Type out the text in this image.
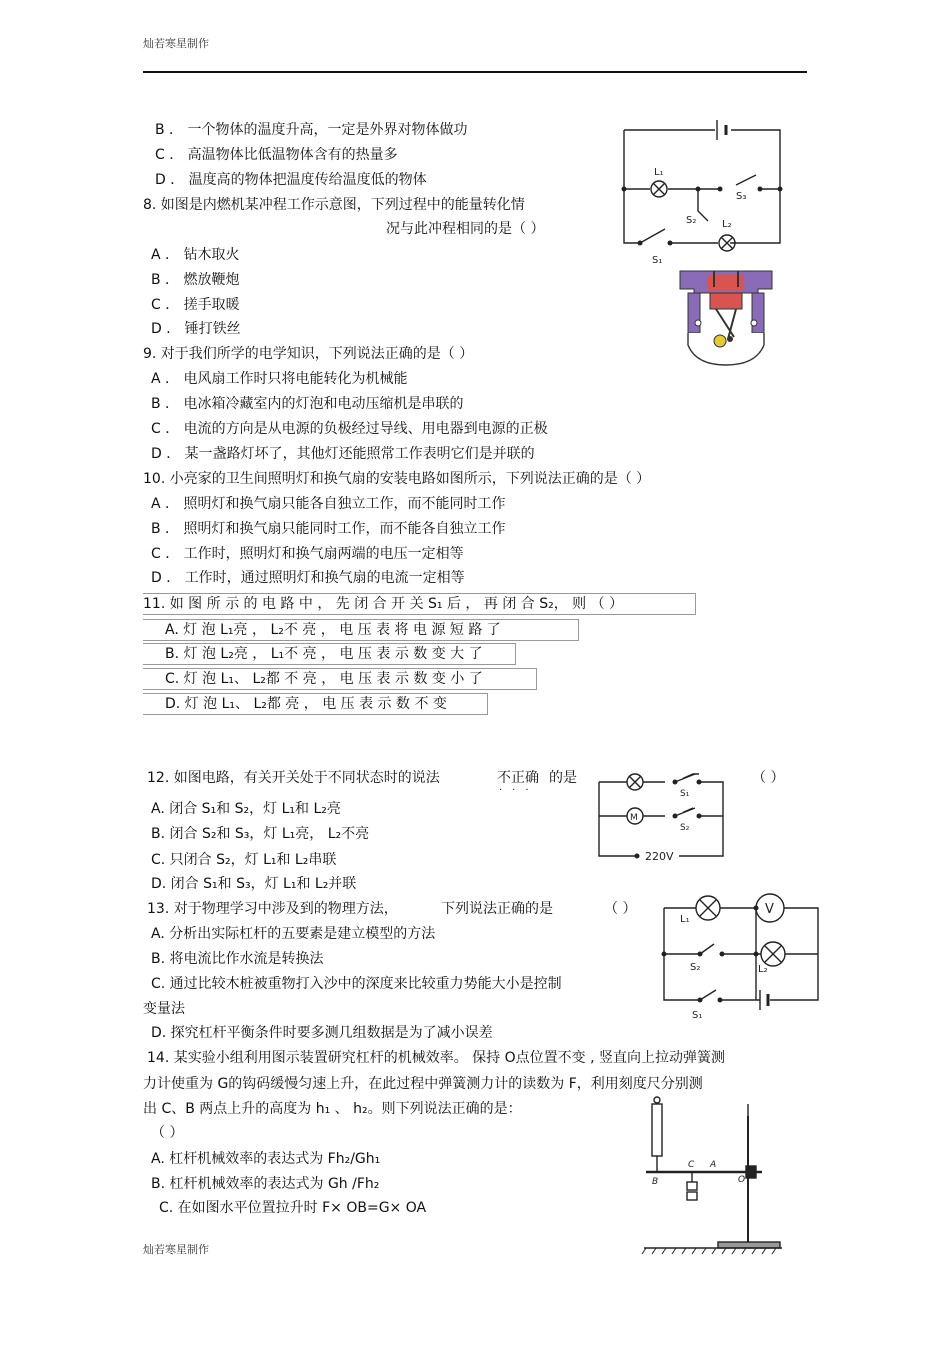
灿若寒星制作
B ． 一个物体的温度升高，一定是外界对物体做功
C ． 高温物体比低温物体含有的热量多
D ． 温度高的物体把温度传给温度低的物体
8. 如图是内燃机某冲程工作示意图，下列过程中的能量转化情
况与此冲程相同的是（ ）
A ． 钻木取火
B ． 燃放鞭炮
C ． 搓手取暖
D ． 锤打铁丝
9. 对于我们所学的电学知识，下列说法正确的是（ ）
A ． 电风扇工作时只将电能转化为机械能
B ． 电冰箱冷藏室内的灯泡和电动压缩机是串联的
C ． 电流的方向是从电源的负极经过导线、用电器到电源的正极
D ． 某一盏路灯坏了，其他灯还能照常工作表明它们是并联的
10. 小亮家的卫生间照明灯和换气扇的安装电路如图所示，下列说法正确的是（ ）
A ． 照明灯和换气扇只能各自独立工作，而不能同时工作
B ． 照明灯和换气扇只能同时工作，而不能各自独立工作
C ． 工作时，照明灯和换气扇两端的电压一定相等
D ． 工作时，通过照明灯和换气扇的电流一定相等
11. 如 图 所 示 的 电 路 中 ， 先 闭 合 开 关 S₁ 后 ， 再 闭 合 S₂， 则 （ ）
A. 灯 泡 L₁亮 ， L₂不 亮 ， 电 压 表 将 电 源 短 路 了
B. 灯 泡 L₂亮 ， L₁不 亮 ， 电 压 表 示 数 变 大 了
C. 灯 泡 L₁、 L₂都 不 亮 ， 电 压 表 示 数 变 小 了
D. 灯 泡 L₁、 L₂都 亮 ， 电 压 表 示 数 不 变
12. 如图电路，有关开关处于不同状态时的说法	不正确
···
的是	（ ）
A. 闭合 S₁和 S₂，灯 L₁和 L₂亮
B. 闭合 S₂和 S₃，灯 L₁亮， L₂不亮
C. 只闭合 S₂，灯 L₁和 L₂串联
D. 闭合 S₁和 S₃，灯 L₁和 L₂并联
13. 对于物理学习中涉及到的物理方法，	下列说法正确的是	（ ）
A. 分析出实际杠杆的五要素是建立模型的方法
B. 将电流比作水流是转换法
C. 通过比较木桩被重物打入沙中的深度来比较重力势能大小是控制
变量法
D. 探究杠杆平衡条件时要多测几组数据是为了减小误差
14. 某实验小组利用图示装置研究杠杆的机械效率。 保持 O点位置不变 , 竖直向上拉动弹簧测
力计使重为 G的钩码缓慢匀速上升，在此过程中弹簧测力计的读数为 F，利用刻度尺分别测
出 C、B 两点上升的高度为 h₁ 、 h₂。则下列说法正确的是：
（ ）
A. 杠杆机械效率的表达式为 Fh₂/Gh₁
B. 杠杆机械效率的表达式为 Gh /Fh₂
C. 在如图水平位置拉升时 F× OB=G× OA
灿若寒星制作
L₁
S₃
S₂	L₂
S₁
M
S₁
S₂
220V
L₁
V
S₂	L₂
S₁
C A
O
B
